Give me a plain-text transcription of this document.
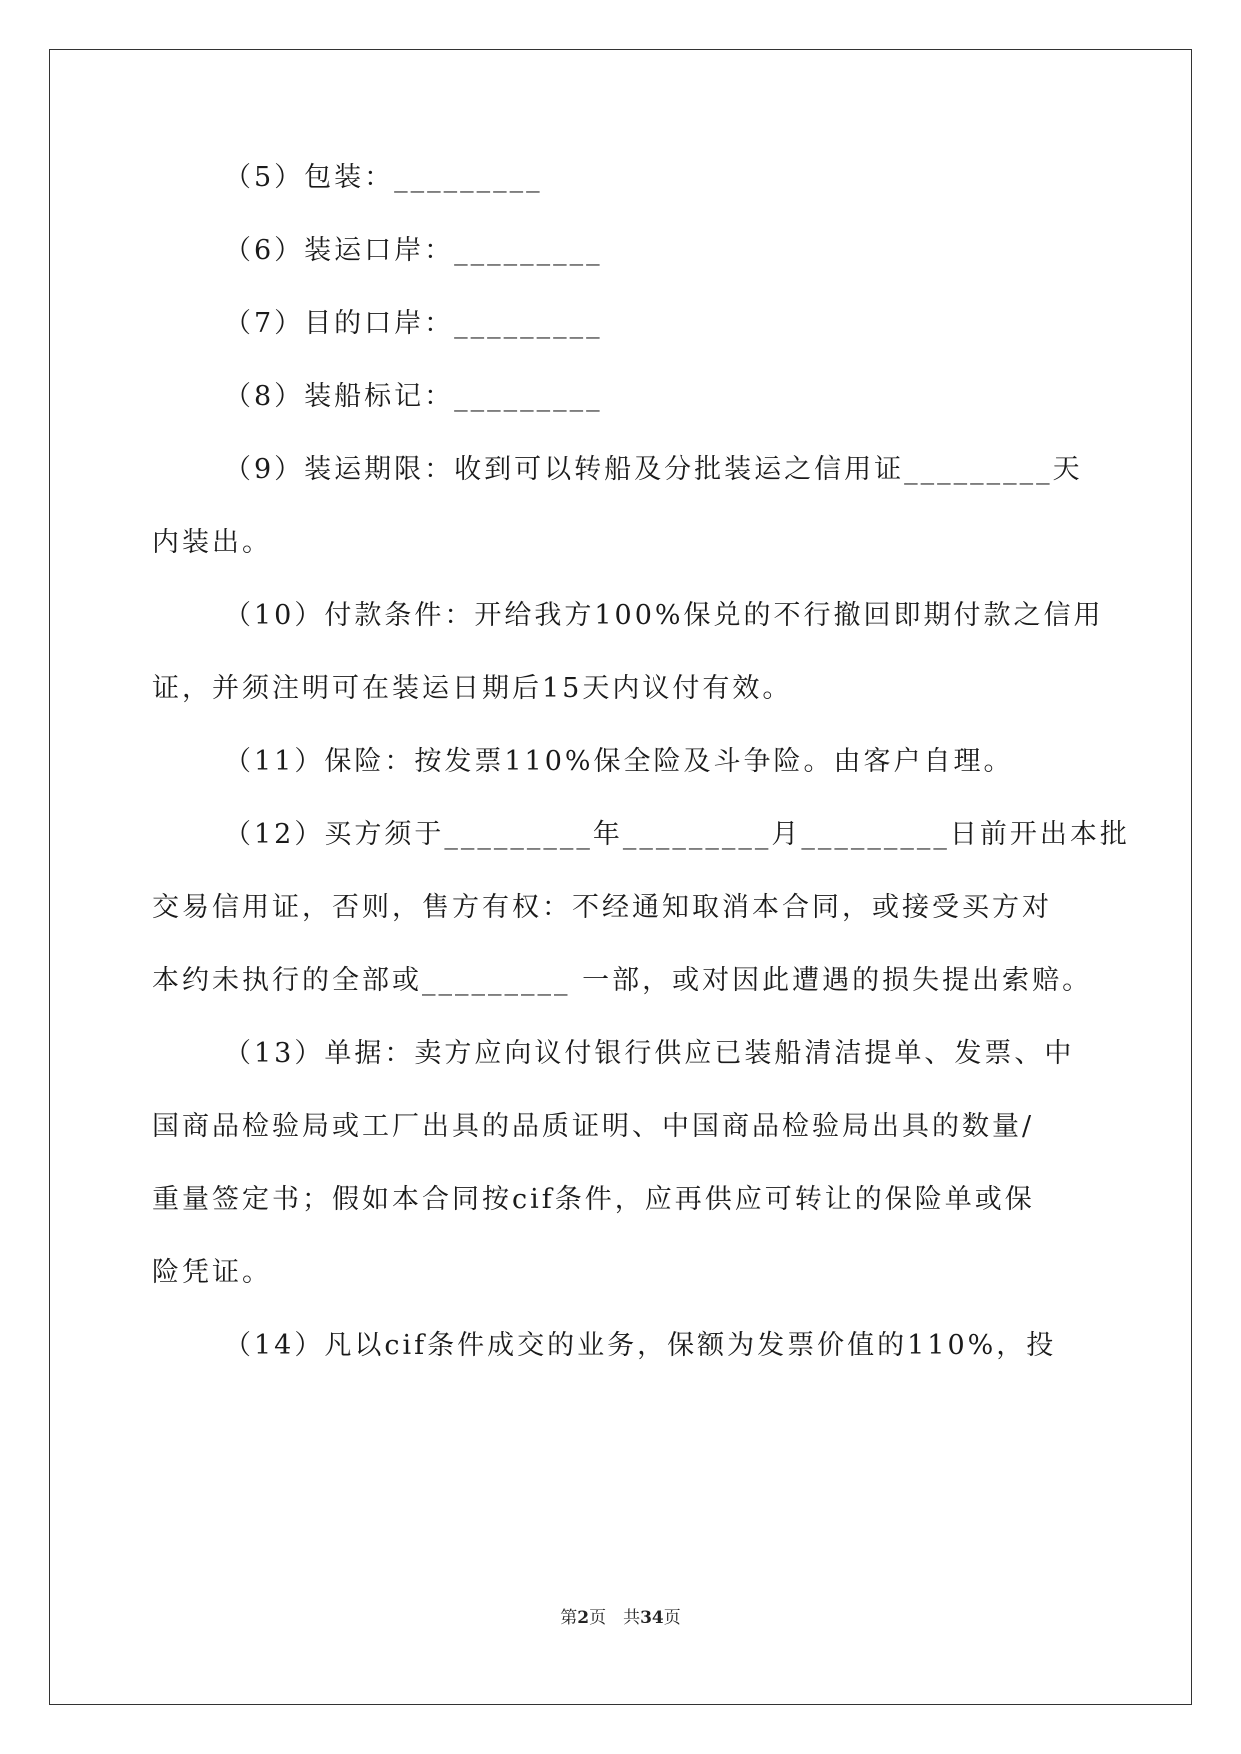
（5）包装：_________
（6）装运口岸：_________
（7）目的口岸：_________
（8）装船标记：_________
（9）装运期限：收到可以转船及分批装运之信用证_________天
内装出。
（10）付款条件：开给我方100%保兑的不行撤回即期付款之信用
证，并须注明可在装运日期后15天内议付有效。
（11）保险：按发票110%保全险及斗争险。由客户自理。
（12）买方须于_________年_________月_________日前开出本批
交易信用证，否则，售方有权：不经通知取消本合同，或接受买方对
本约未执行的全部或_________ 一部，或对因此遭遇的损失提出索赔。
（13）单据：卖方应向议付银行供应已装船清洁提单、发票、中
国商品检验局或工厂出具的品质证明、中国商品检验局出具的数量/
重量签定书；假如本合同按cif条件，应再供应可转让的保险单或保
险凭证。
（14）凡以cif条件成交的业务，保额为发票价值的110%，投
第2页　共34页
